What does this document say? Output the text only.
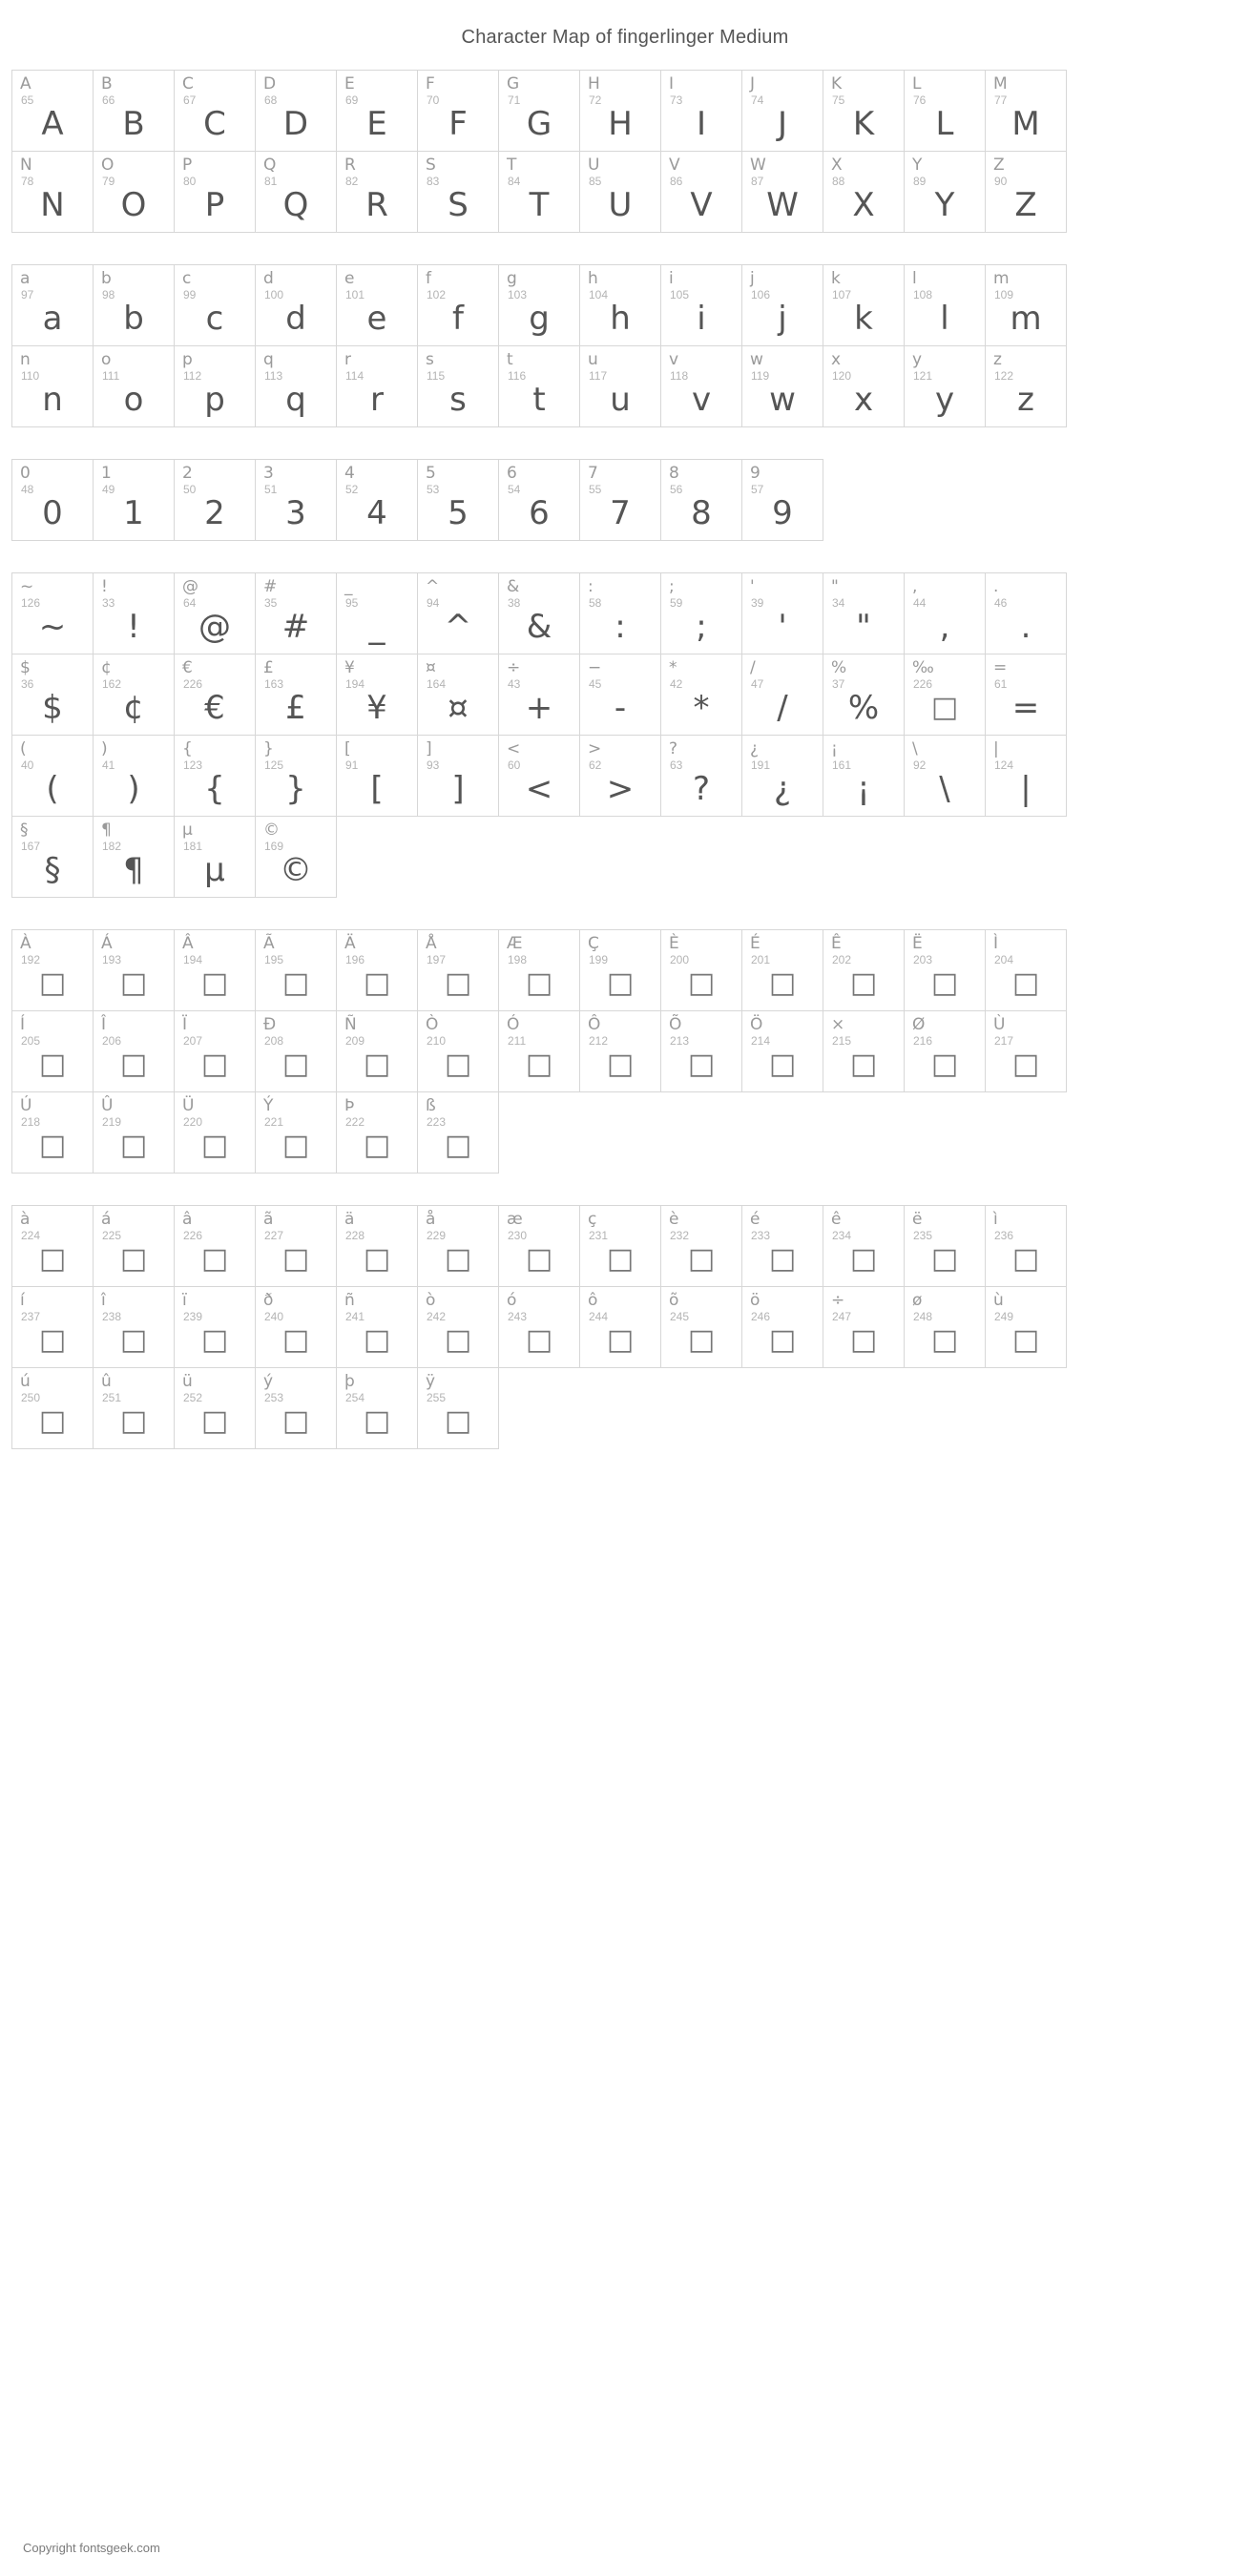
Character Map of fingerlinger Medium
A
65
A
B
66
B
C
67
C
D
68
D
E
69
E
F
70
F
G
71
G
H
72
H
I
73
I
J
74
J
K
75
K
L
76
L
M
77
M
N
78
N
O
79
O
P
80
P
Q
81
Q
R
82
R
S
83
S
T
84
T
U
85
U
V
86
V
W
87
W
X
88
X
Y
89
Y
Z
90
Z
a
97
a
b
98
b
c
99
c
d
100
d
e
101
e
f
102
f
g
103
g
h
104
h
i
105
i
j
106
j
k
107
k
l
108
l
m
109
m
n
110
n
o
111
o
p
112
p
q
113
q
r
114
r
s
115
s
t
116
t
u
117
u
v
118
v
w
119
w
x
120
x
y
121
y
z
122
z
0
48
0
1
49
1
2
50
2
3
51
3
4
52
4
5
53
5
6
54
6
7
55
7
8
56
8
9
57
9
~
126
~
!
33
!
@
64
@
#
35
#
_
95
_
^
94
^
&
38
&
:
58
:
;
59
;
'
39
'
"
34
"
,
44
,
.
46
.
$
36
$
¢
162
¢
€
226
€
£
163
£
¥
194
¥
¤
164
¤
÷
43
+
−
45
-
*
42
*
/
47
/
%
37
%
‰
226
□
=
61
=
(
40
(
)
41
)
{
123
{
}
125
}
[
91
[
]
93
]
<
60
<
>
62
>
?
63
?
¿
191
¿
¡
161
¡
\
92
\
|
124
|
§
167
§
¶
182
¶
µ
181
µ
©
169
©
À
192
□
Á
193
□
Â
194
□
Ã
195
□
Ä
196
□
Å
197
□
Æ
198
□
Ç
199
□
È
200
□
É
201
□
Ê
202
□
Ë
203
□
Ì
204
□
Í
205
□
Î
206
□
Ï
207
□
Ð
208
□
Ñ
209
□
Ò
210
□
Ó
211
□
Ô
212
□
Õ
213
□
Ö
214
□
×
215
□
Ø
216
□
Ù
217
□
Ú
218
□
Û
219
□
Ü
220
□
Ý
221
□
Þ
222
□
ß
223
□
à
224
□
á
225
□
â
226
□
ã
227
□
ä
228
□
å
229
□
æ
230
□
ç
231
□
è
232
□
é
233
□
ê
234
□
ë
235
□
ì
236
□
í
237
□
î
238
□
ï
239
□
ð
240
□
ñ
241
□
ò
242
□
ó
243
□
ô
244
□
õ
245
□
ö
246
□
÷
247
□
ø
248
□
ù
249
□
ú
250
□
û
251
□
ü
252
□
ý
253
□
þ
254
□
ÿ
255
□
Copyright fontsgeek.com
